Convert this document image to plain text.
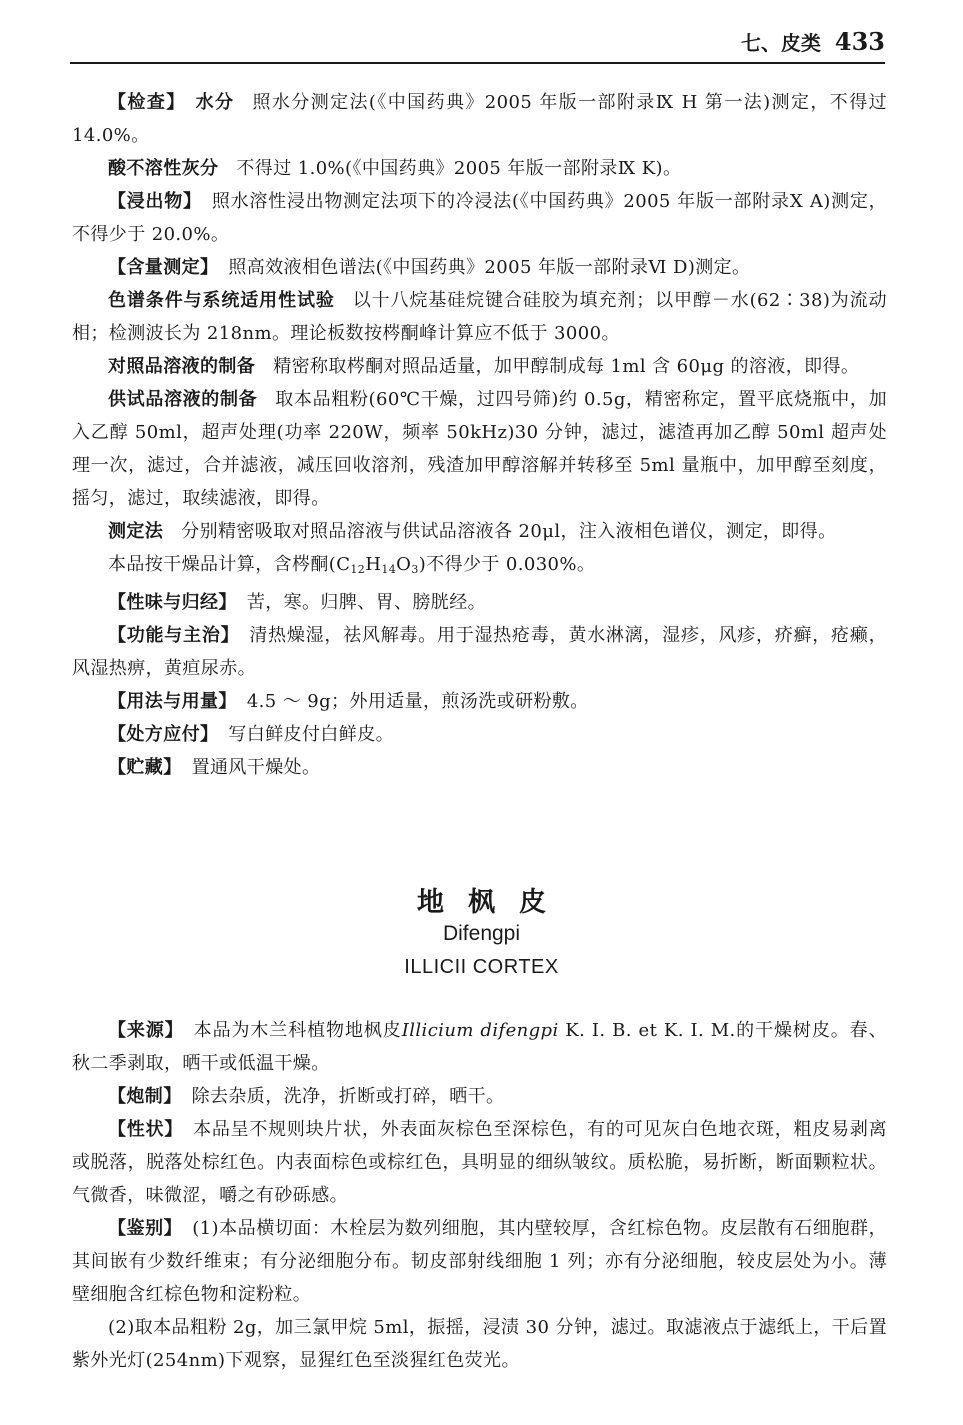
七、皮类 433

【检查】 水分 照水分测定法(《中国药典》2005 年版一部附录Ⅸ H 第一法)测定，不得过 14.0%。

酸不溶性灰分 不得过 1.0%(《中国药典》2005 年版一部附录Ⅸ K)。

【浸出物】 照水溶性浸出物测定法项下的冷浸法(《中国药典》2005 年版一部附录Ⅹ A)测定，不得少于 20.0%。

【含量测定】 照高效液相色谱法(《中国药典》2005 年版一部附录Ⅵ D)测定。

色谱条件与系统适用性试验 以十八烷基硅烷键合硅胶为填充剂；以甲醇－水(62∶38)为流动相；检测波长为 218nm。理论板数按梣酮峰计算应不低于 3000。

对照品溶液的制备 精密称取梣酮对照品适量，加甲醇制成每 1ml 含 60μg 的溶液，即得。

供试品溶液的制备 取本品粗粉(60℃干燥，过四号筛)约 0.5g，精密称定，置平底烧瓶中，加入乙醇 50ml，超声处理(功率 220W，频率 50kHz)30 分钟，滤过，滤渣再加乙醇 50ml 超声处理一次，滤过，合并滤液，减压回收溶剂，残渣加甲醇溶解并转移至 5ml 量瓶中，加甲醇至刻度，摇匀，滤过，取续滤液，即得。

测定法 分别精密吸取对照品溶液与供试品溶液各 20μl，注入液相色谱仪，测定，即得。

本品按干燥品计算，含梣酮(C12H14O3)不得少于 0.030%。

【性味与归经】 苦，寒。归脾、胃、膀胱经。

【功能与主治】 清热燥湿，祛风解毒。用于湿热疮毒，黄水淋漓，湿疹，风疹，疥癣，疮癞，风湿热痹，黄疸尿赤。

【用法与用量】 4.5 ～ 9g；外用适量，煎汤洗或研粉敷。

【处方应付】 写白鲜皮付白鲜皮。

【贮藏】 置通风干燥处。

地枫皮
Difengpi
ILLICII CORTEX

【来源】 本品为木兰科植物地枫皮Illicium difengpi K. I. B. et K. I. M.的干燥树皮。春、秋二季剥取，晒干或低温干燥。

【炮制】 除去杂质，洗净，折断或打碎，晒干。

【性状】 本品呈不规则块片状，外表面灰棕色至深棕色，有的可见灰白色地衣斑，粗皮易剥离或脱落，脱落处棕红色。内表面棕色或棕红色，具明显的细纵皱纹。质松脆，易折断，断面颗粒状。气微香，味微涩，嚼之有砂砾感。

【鉴别】 (1)本品横切面：木栓层为数列细胞，其内壁较厚，含红棕色物。皮层散有石细胞群，其间嵌有少数纤维束；有分泌细胞分布。韧皮部射线细胞 1 列；亦有分泌细胞，较皮层处为小。薄壁细胞含红棕色物和淀粉粒。

(2)取本品粗粉 2g，加三氯甲烷 5ml，振摇，浸渍 30 分钟，滤过。取滤液点于滤纸上，干后置紫外光灯(254nm)下观察，显猩红色至淡猩红色荧光。
